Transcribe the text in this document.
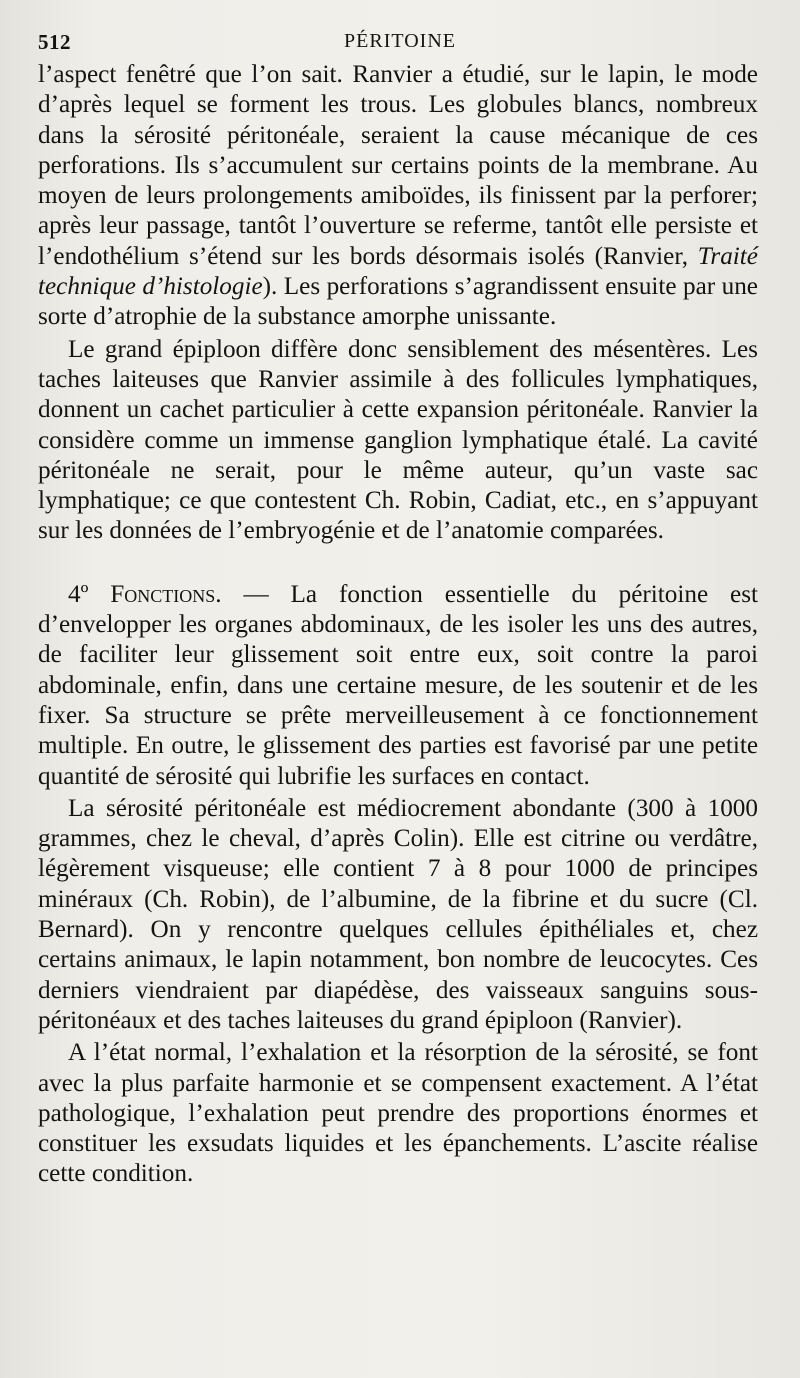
512	PÉRITOINE

l’aspect fenêtré que l’on sait. Ranvier a étudié, sur le lapin, le mode d’après lequel se forment les trous. Les globules blancs, nombreux dans la sérosité péritonéale, seraient la cause mécanique de ces perforations. Ils s’accumulent sur certains points de la membrane. Au moyen de leurs prolongements amiboïdes, ils finissent par la perforer; après leur passage, tantôt l’ouverture se referme, tantôt elle persiste et l’endothélium s’étend sur les bords désormais isolés (Ranvier, Traité technique d’histologie). Les perforations s’agrandissent ensuite par une sorte d’atrophie de la substance amorphe unissante.

Le grand épiploon diffère donc sensiblement des mésentères. Les taches laiteuses que Ranvier assimile à des follicules lymphatiques, donnent un cachet particulier à cette expansion péritonéale. Ranvier la considère comme un immense ganglion lymphatique étalé. La cavité péritonéale ne serait, pour le même auteur, qu’un vaste sac lymphatique; ce que contestent Ch. Robin, Cadiat, etc., en s’appuyant sur les données de l’embryogénie et de l’anatomie comparées.

4º Fonctions. — La fonction essentielle du péritoine est d’envelopper les organes abdominaux, de les isoler les uns des autres, de faciliter leur glissement soit entre eux, soit contre la paroi abdominale, enfin, dans une certaine mesure, de les soutenir et de les fixer. Sa structure se prête merveilleusement à ce fonctionnement multiple. En outre, le glissement des parties est favorisé par une petite quantité de sérosité qui lubrifie les surfaces en contact.

La sérosité péritonéale est médiocrement abondante (300 à 1000 grammes, chez le cheval, d’après Colin). Elle est citrine ou verdâtre, légèrement visqueuse; elle contient 7 à 8 pour 1000 de principes minéraux (Ch. Robin), de l’albumine, de la fibrine et du sucre (Cl. Bernard). On y rencontre quelques cellules épithéliales et, chez certains animaux, le lapin notamment, bon nombre de leucocytes. Ces derniers viendraient par diapédèse, des vaisseaux sanguins sous-péritonéaux et des taches laiteuses du grand épiploon (Ranvier).

A l’état normal, l’exhalation et la résorption de la sérosité, se font avec la plus parfaite harmonie et se compensent exactement. A l’état pathologique, l’exhalation peut prendre des proportions énormes et constituer les exsudats liquides et les épanchements. L’ascite réalise cette condition.
